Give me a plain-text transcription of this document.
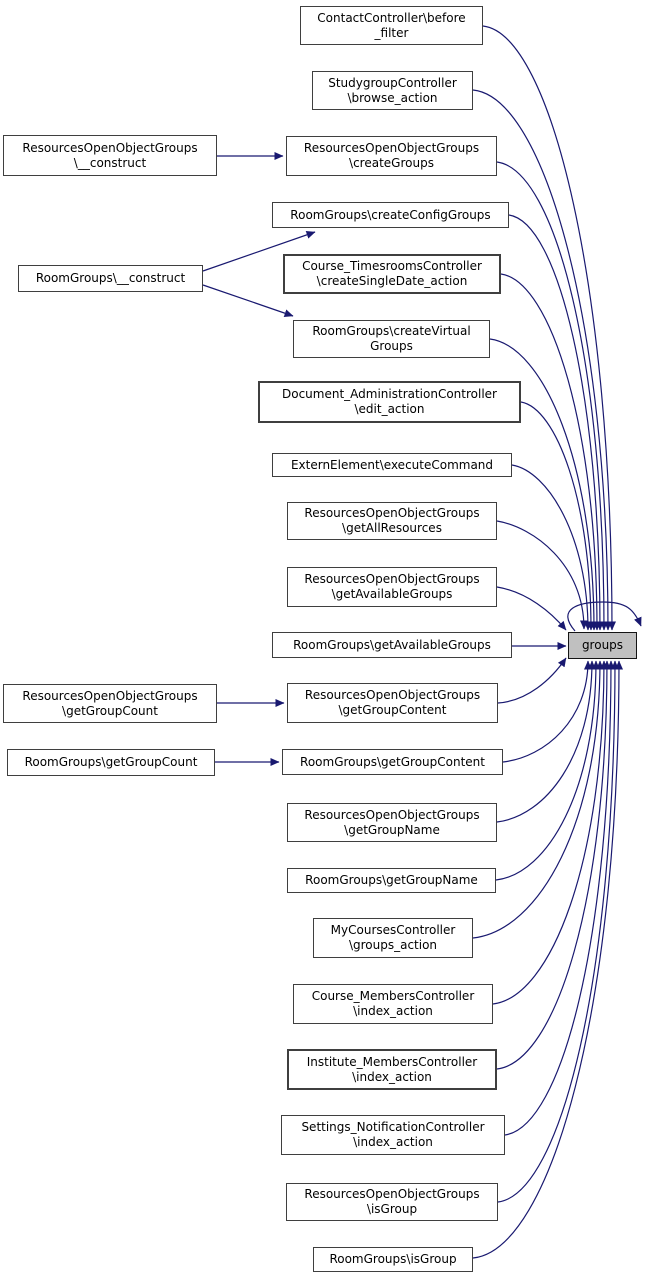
ContactController\before
_filter
StudygroupController
\browse_action
ResourcesOpenObjectGroups
\__construct
ResourcesOpenObjectGroups
\createGroups
RoomGroups\createConfigGroups
RoomGroups\__construct
Course_TimesroomsController
\createSingleDate_action
RoomGroups\createVirtual
Groups
Document_AdministrationController
\edit_action
ExternElement\executeCommand
ResourcesOpenObjectGroups
\getAllResources
ResourcesOpenObjectGroups
\getAvailableGroups
RoomGroups\getAvailableGroups	groups
ResourcesOpenObjectGroups
\getGroupCount
ResourcesOpenObjectGroups
\getGroupContent
RoomGroups\getGroupCount	RoomGroups\getGroupContent
ResourcesOpenObjectGroups
\getGroupName
RoomGroups\getGroupName
MyCoursesController
\groups_action
Course_MembersController
\index_action
Institute_MembersController
\index_action
Settings_NotificationController
\index_action
ResourcesOpenObjectGroups
\isGroup
RoomGroups\isGroup
